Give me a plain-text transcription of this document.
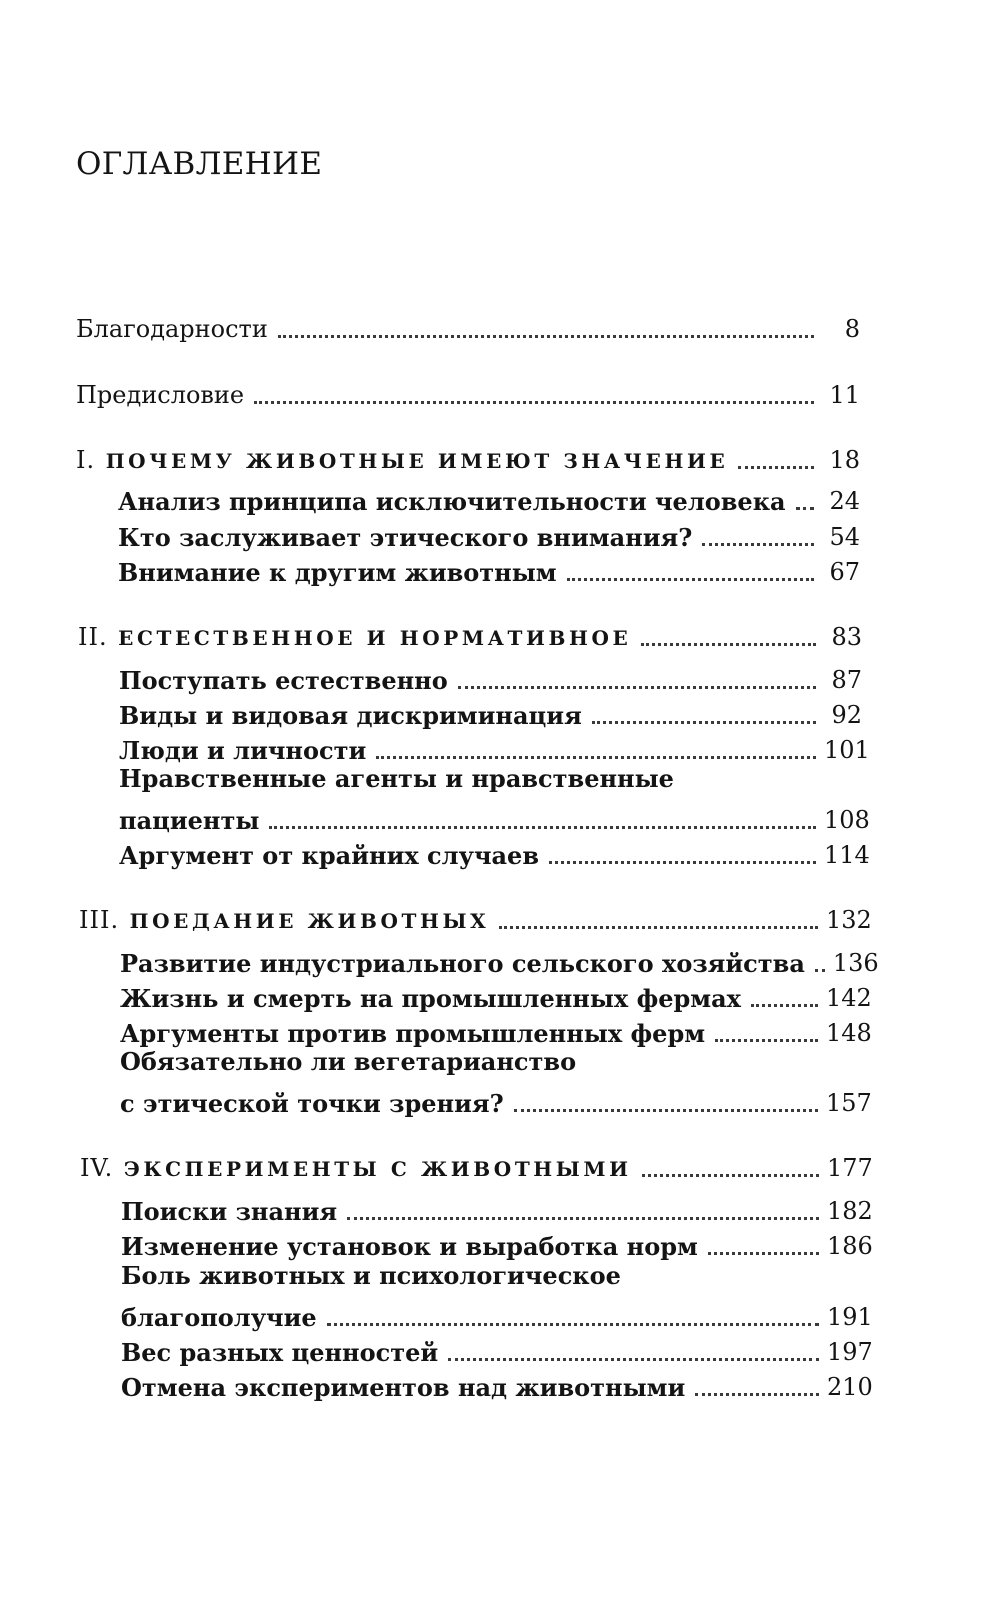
ОГЛАВЛЕНИЕ
Благодарности	8
Предисловие	11
I. ПОЧЕМУ ЖИВОТНЫЕ ИМЕЮТ ЗНАЧЕНИЕ	18
Анализ принципа исключительности человека	24
Кто заслуживает этического внимания?	54
Внимание к другим животным	67
II. ЕСТЕСТВЕННОЕ И НОРМАТИВНОЕ	83
Поступать естественно	87
Виды и видовая дискриминация	92
Люди и личности	101
Нравственные агенты и нравственные
пациенты	108
Аргумент от крайних случаев	114
III. ПОЕДАНИЕ ЖИВОТНЫХ	132
Развитие индустриального сельского хозяйства 136
Жизнь и смерть на промышленных фермах	142
Аргументы против промышленных ферм	148
Обязательно ли вегетарианство
с этической точки зрения?	157
IV. ЭКСПЕРИМЕНТЫ С ЖИВОТНЫМИ	177
Поиски знания	182
Изменение установок и выработка норм	186
Боль животных и психологическое
благополучие	191
Вес разных ценностей	197
Отмена экспериментов над животными	210
